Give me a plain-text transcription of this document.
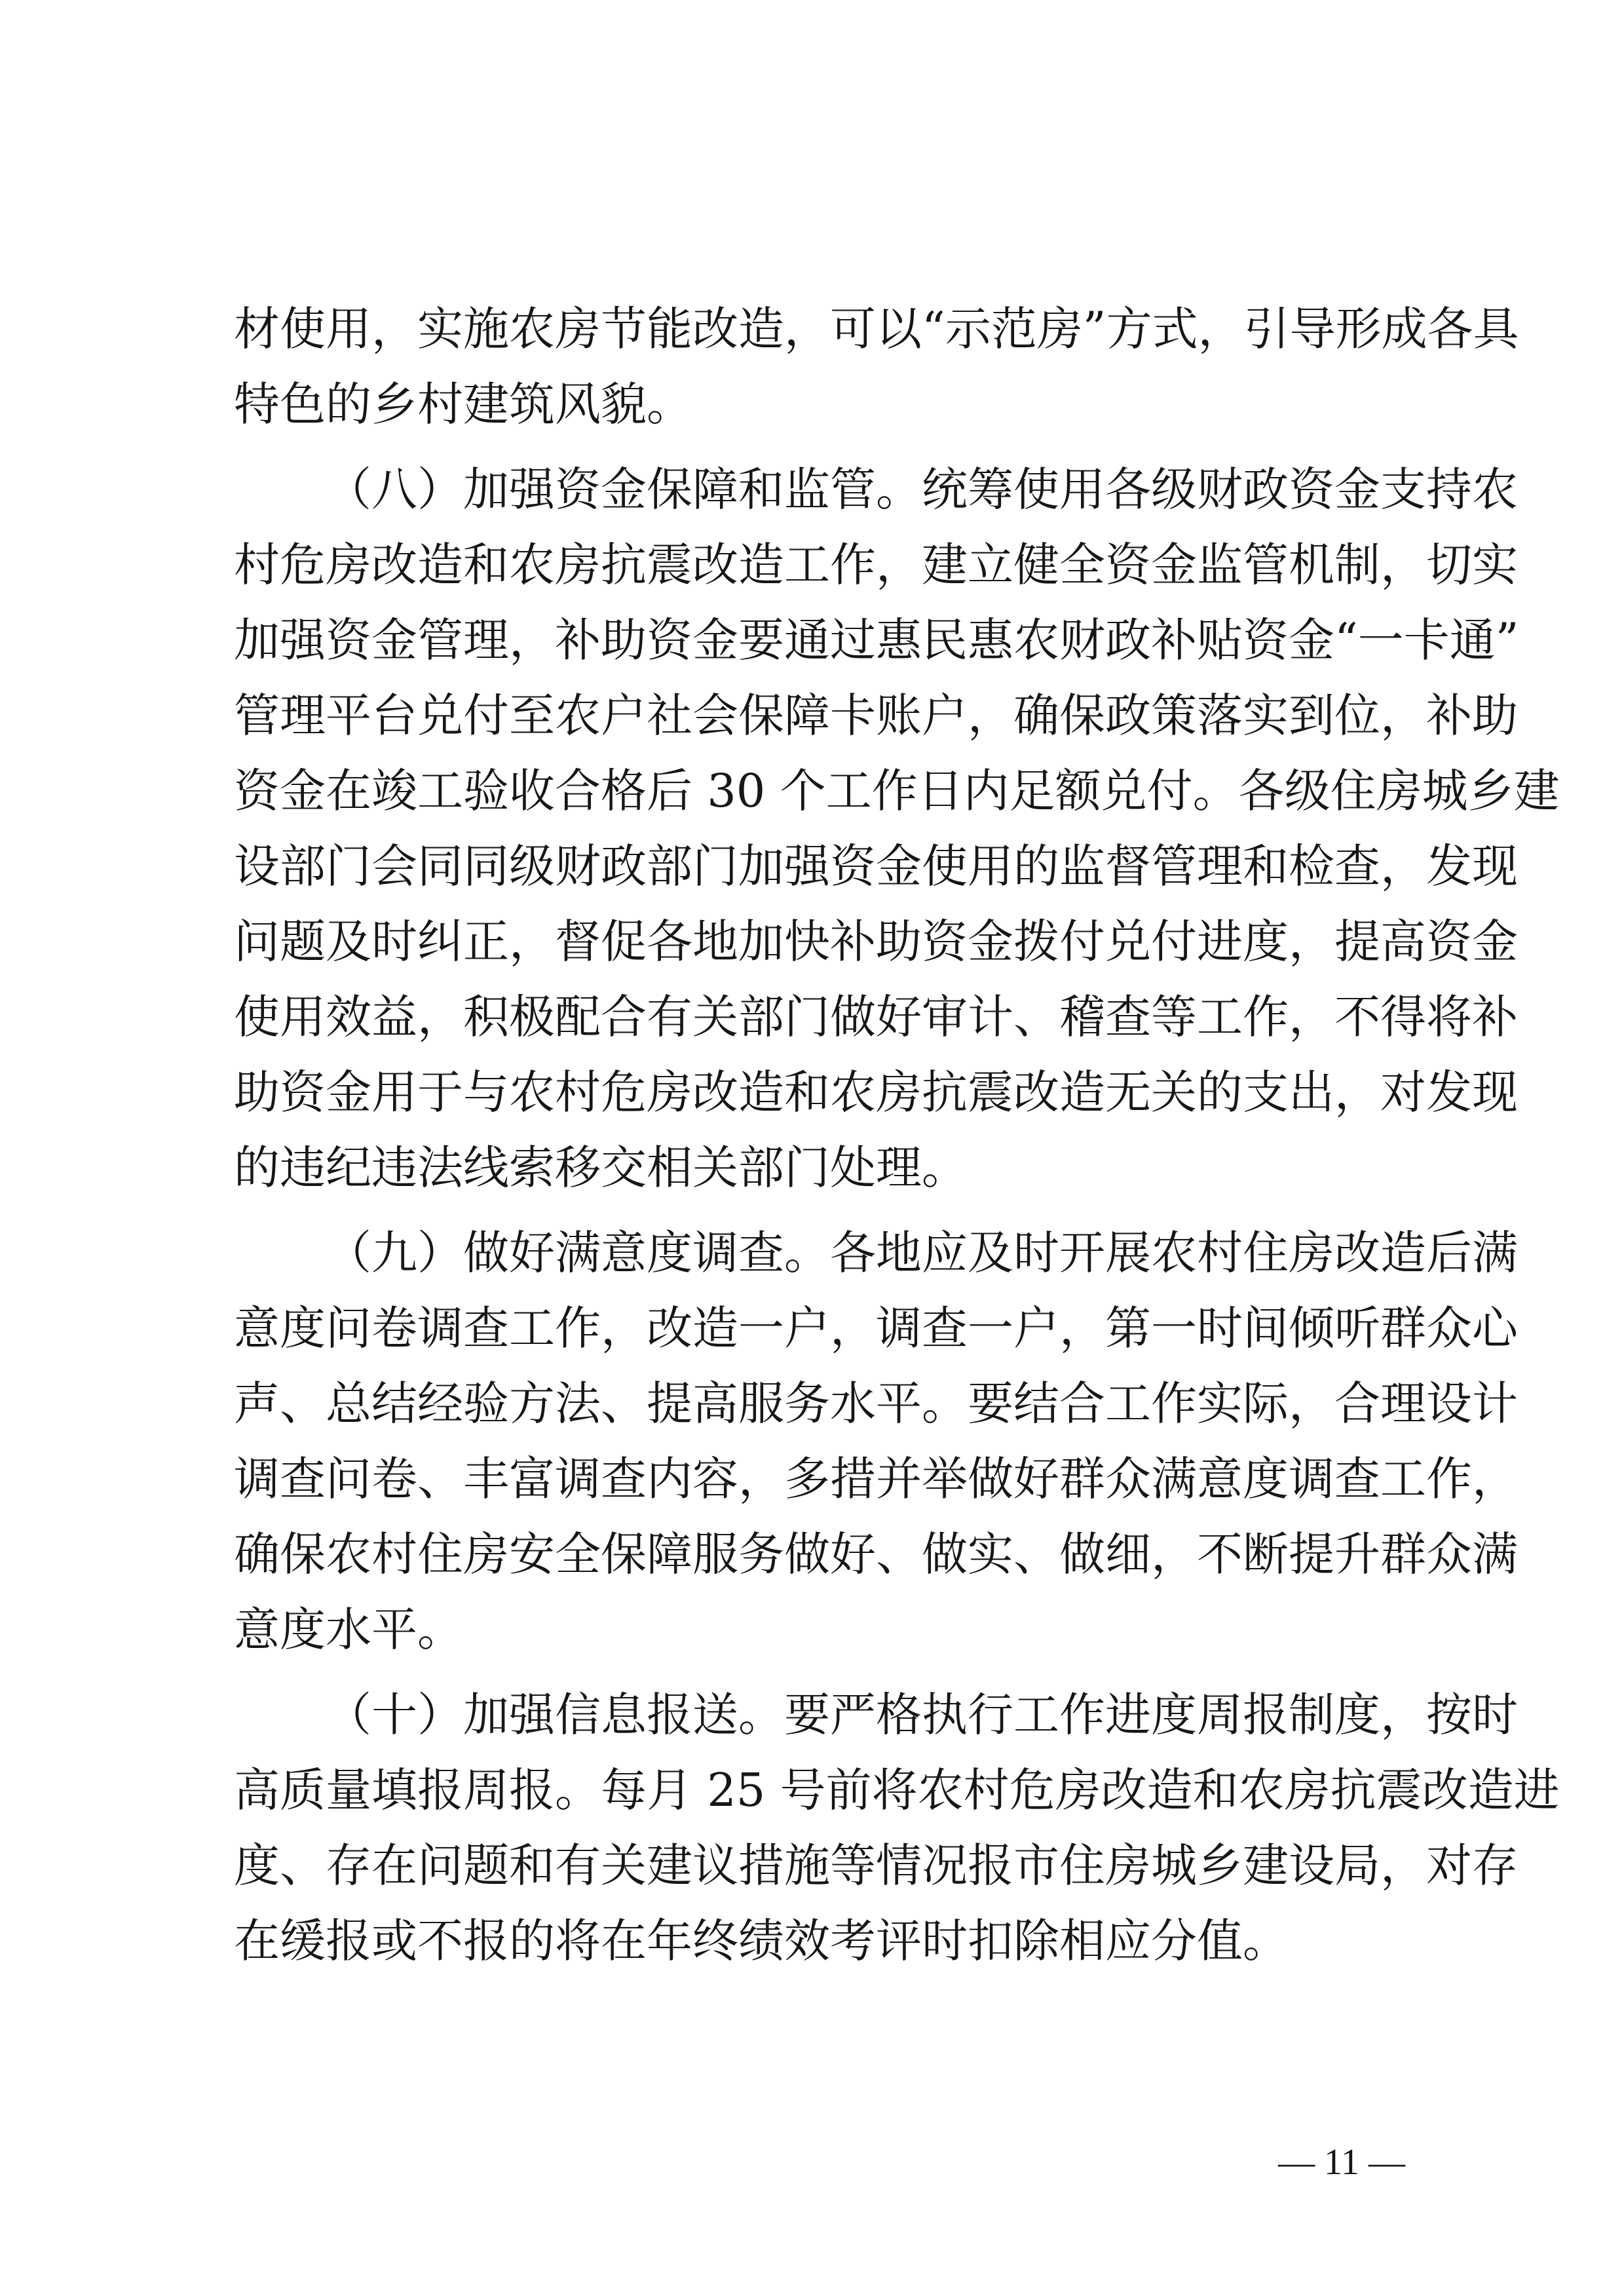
材使用，实施农房节能改造，可以“示范房”方式，引导形成各具
特色的乡村建筑风貌。
（八）加强资金保障和监管。统筹使用各级财政资金支持农
村危房改造和农房抗震改造工作，建立健全资金监管机制，切实
加强资金管理，补助资金要通过惠民惠农财政补贴资金“一卡通”
管理平台兑付至农户社会保障卡账户，确保政策落实到位，补助
资金在竣工验收合格后 30 个工作日内足额兑付。各级住房城乡建
设部门会同同级财政部门加强资金使用的监督管理和检查，发现
问题及时纠正，督促各地加快补助资金拨付兑付进度，提高资金
使用效益，积极配合有关部门做好审计、稽查等工作，不得将补
助资金用于与农村危房改造和农房抗震改造无关的支出，对发现
的违纪违法线索移交相关部门处理。
（九）做好满意度调查。各地应及时开展农村住房改造后满
意度问卷调查工作，改造一户，调查一户，第一时间倾听群众心
声、总结经验方法、提高服务水平。要结合工作实际，合理设计
调查问卷、丰富调查内容，多措并举做好群众满意度调查工作，
确保农村住房安全保障服务做好、做实、做细，不断提升群众满
意度水平。
（十）加强信息报送。要严格执行工作进度周报制度，按时
高质量填报周报。每月 25 号前将农村危房改造和农房抗震改造进
度、存在问题和有关建议措施等情况报市住房城乡建设局，对存
在缓报或不报的将在年终绩效考评时扣除相应分值。
— 11 —
